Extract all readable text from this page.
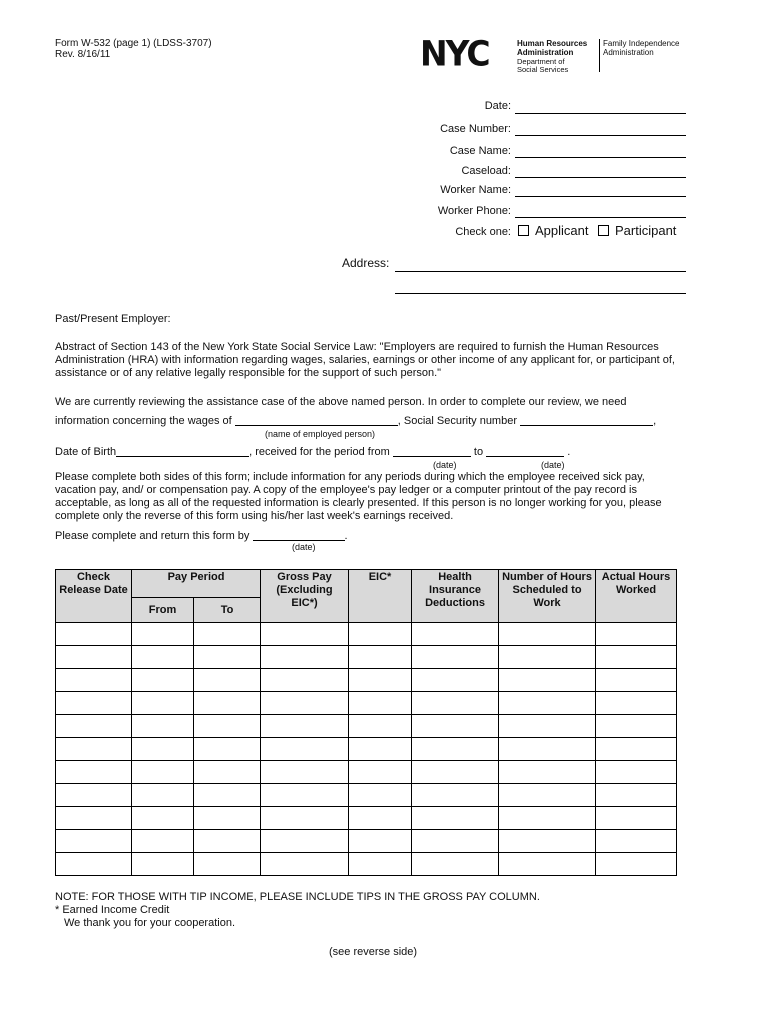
Form W-532 (page 1) (LDSS-3707)
Rev. 8/16/11	NYC	Human Resources
Administration
Department of
Social Services
Family Independence
Administration
Date:
Case Number:
Case Name:
Caseload:
Worker Name:
Worker Phone:
Check one:	Applicant	Participant
Address:
Past/Present Employer:
Abstract of Section 143 of the New York State Social Service Law: "Employers are required to furnish the Human Resources Administration (HRA) with information regarding wages, salaries, earnings or other income of any applicant for, or participant of, assistance or of any relative legally responsible for the support of such person."
We are currently reviewing the assistance case of the above named person. In order to complete our review, we need
information concerning the wages of	, Social Security number	,
(name of employed person)
Date of Birth	, received for the period from	to	.
(date)	(date)
Please complete both sides of this form; include information for any periods during which the employee received sick pay, vacation pay, and/ or compensation pay. A copy of the employee's pay ledger or a computer printout of the pay record is acceptable, as long as all of the requested information is clearly presented. If this person is no longer working for you, please complete only the reverse of this form using his/her last week's earnings received.
Please complete and return this form by	.
(date)
Check Release Date	Pay Period		Gross Pay (Excluding EIC*)	EIC*	Health Insurance Deductions	Number of Hours Scheduled to Work	Actual Hours Worked
	From	To					

NOTE: FOR THOSE WITH TIP INCOME, PLEASE INCLUDE TIPS IN THE GROSS PAY COLUMN.
* Earned Income Credit
We thank you for your cooperation.
(see reverse side)
